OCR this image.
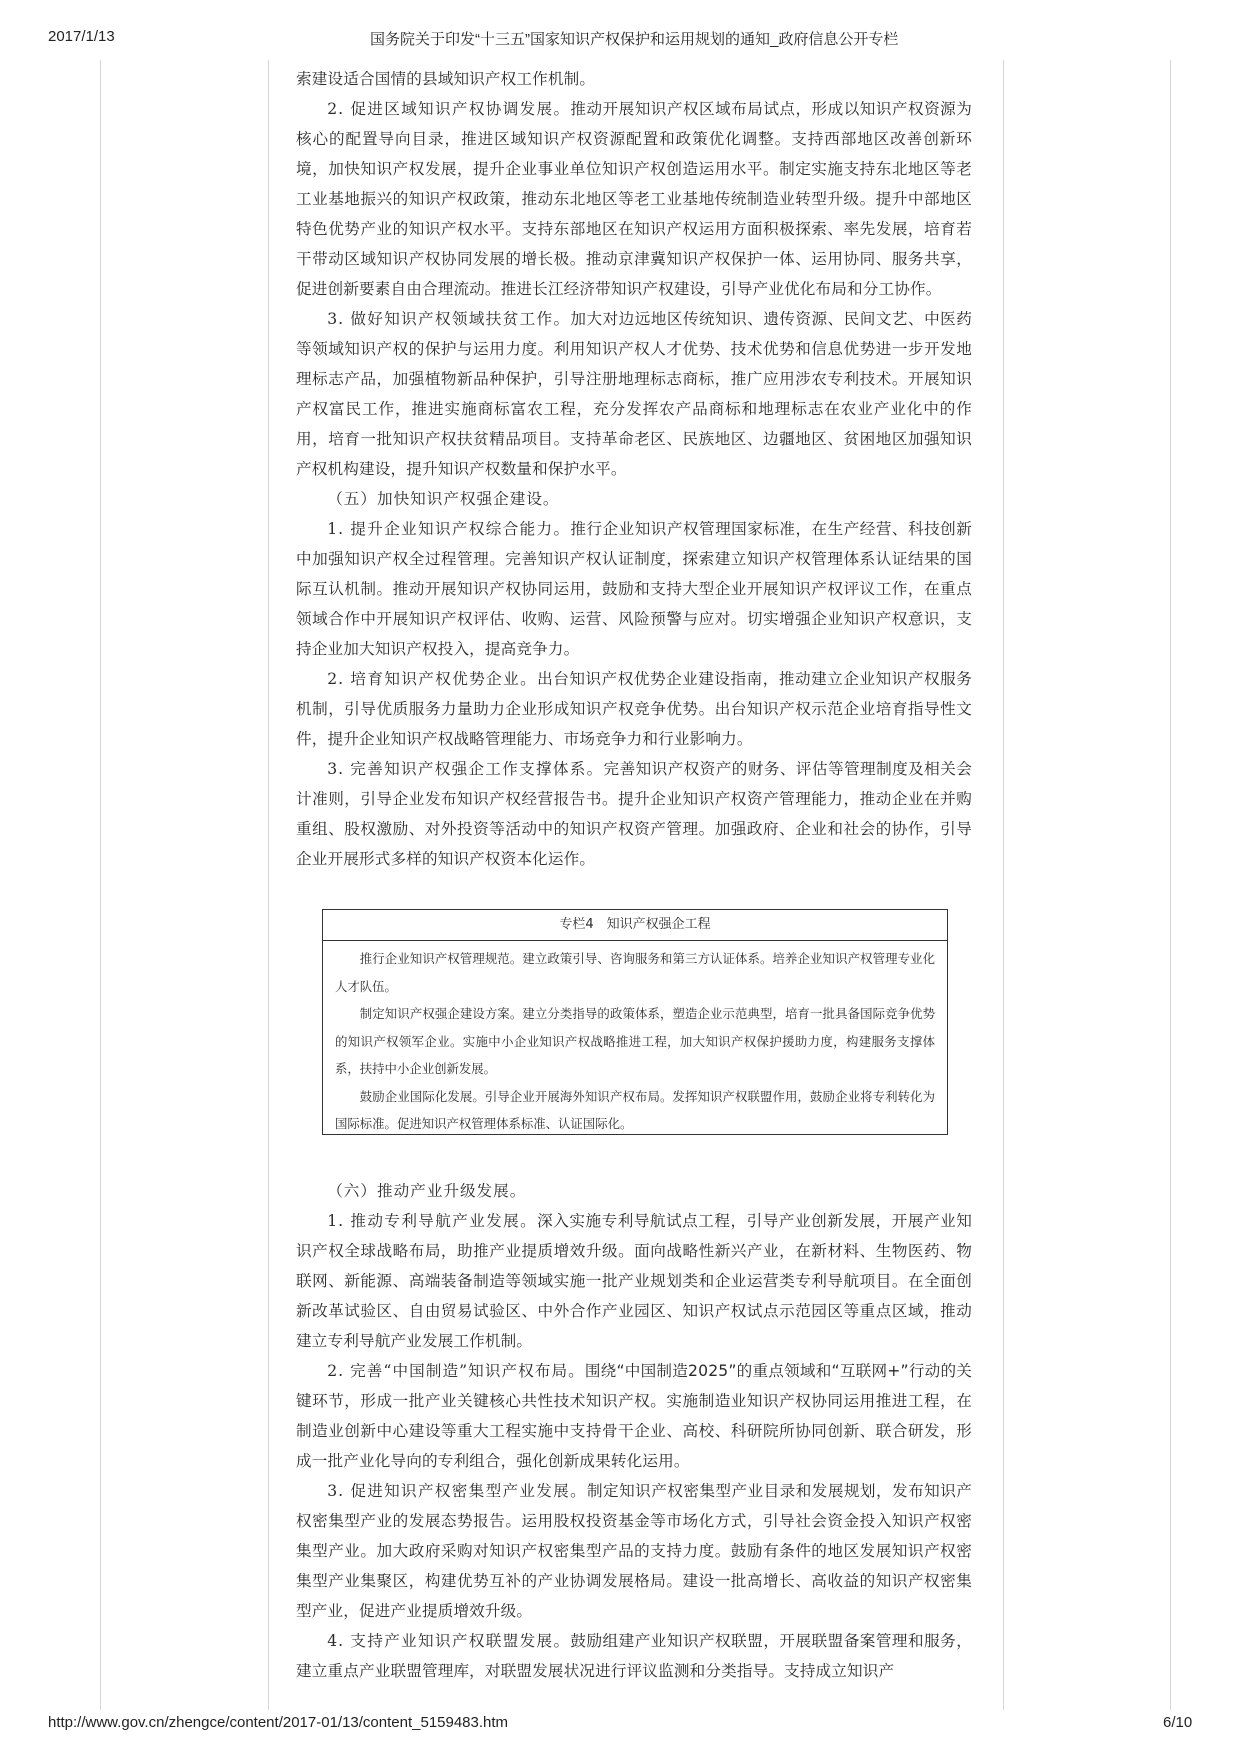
2017/1/13	国务院关于印发“十三五”国家知识产权保护和运用规划的通知_政府信息公开专栏

索建设适合国情的县域知识产权工作机制。

2. 促进区域知识产权协调发展。推动开展知识产权区域布局试点，形成以知识产权资源为核心的配置导向目录，推进区域知识产权资源配置和政策优化调整。支持西部地区改善创新环境，加快知识产权发展，提升企业事业单位知识产权创造运用水平。制定实施支持东北地区等老工业基地振兴的知识产权政策，推动东北地区等老工业基地传统制造业转型升级。提升中部地区特色优势产业的知识产权水平。支持东部地区在知识产权运用方面积极探索、率先发展，培育若干带动区域知识产权协同发展的增长极。推动京津冀知识产权保护一体、运用协同、服务共享，促进创新要素自由合理流动。推进长江经济带知识产权建设，引导产业优化布局和分工协作。

3. 做好知识产权领域扶贫工作。加大对边远地区传统知识、遗传资源、民间文艺、中医药等领域知识产权的保护与运用力度。利用知识产权人才优势、技术优势和信息优势进一步开发地理标志产品，加强植物新品种保护，引导注册地理标志商标，推广应用涉农专利技术。开展知识产权富民工作，推进实施商标富农工程，充分发挥农产品商标和地理标志在农业产业化中的作用，培育一批知识产权扶贫精品项目。支持革命老区、民族地区、边疆地区、贫困地区加强知识产权机构建设，提升知识产权数量和保护水平。

（五）加快知识产权强企建设。

1. 提升企业知识产权综合能力。推行企业知识产权管理国家标准，在生产经营、科技创新中加强知识产权全过程管理。完善知识产权认证制度，探索建立知识产权管理体系认证结果的国际互认机制。推动开展知识产权协同运用，鼓励和支持大型企业开展知识产权评议工作，在重点领域合作中开展知识产权评估、收购、运营、风险预警与应对。切实增强企业知识产权意识，支持企业加大知识产权投入，提高竞争力。

2. 培育知识产权优势企业。出台知识产权优势企业建设指南，推动建立企业知识产权服务机制，引导优质服务力量助力企业形成知识产权竞争优势。出台知识产权示范企业培育指导性文件，提升企业知识产权战略管理能力、市场竞争力和行业影响力。

3. 完善知识产权强企工作支撑体系。完善知识产权资产的财务、评估等管理制度及相关会计准则，引导企业发布知识产权经营报告书。提升企业知识产权资产管理能力，推动企业在并购重组、股权激励、对外投资等活动中的知识产权资产管理。加强政府、企业和社会的协作，引导企业开展形式多样的知识产权资本化运作。

专栏4　知识产权强企工程

推行企业知识产权管理规范。建立政策引导、咨询服务和第三方认证体系。培养企业知识产权管理专业化人才队伍。

制定知识产权强企建设方案。建立分类指导的政策体系，塑造企业示范典型，培育一批具备国际竞争优势的知识产权领军企业。实施中小企业知识产权战略推进工程，加大知识产权保护援助力度，构建服务支撑体系，扶持中小企业创新发展。

鼓励企业国际化发展。引导企业开展海外知识产权布局。发挥知识产权联盟作用，鼓励企业将专利转化为国际标准。促进知识产权管理体系标准、认证国际化。

（六）推动产业升级发展。

1. 推动专利导航产业发展。深入实施专利导航试点工程，引导产业创新发展，开展产业知识产权全球战略布局，助推产业提质增效升级。面向战略性新兴产业，在新材料、生物医药、物联网、新能源、高端装备制造等领域实施一批产业规划类和企业运营类专利导航项目。在全面创新改革试验区、自由贸易试验区、中外合作产业园区、知识产权试点示范园区等重点区域，推动建立专利导航产业发展工作机制。

2. 完善“中国制造”知识产权布局。围绕“中国制造2025”的重点领域和“互联网+”行动的关键环节，形成一批产业关键核心共性技术知识产权。实施制造业知识产权协同运用推进工程，在制造业创新中心建设等重大工程实施中支持骨干企业、高校、科研院所协同创新、联合研发，形成一批产业化导向的专利组合，强化创新成果转化运用。

3. 促进知识产权密集型产业发展。制定知识产权密集型产业目录和发展规划，发布知识产权密集型产业的发展态势报告。运用股权投资基金等市场化方式，引导社会资金投入知识产权密集型产业。加大政府采购对知识产权密集型产品的支持力度。鼓励有条件的地区发展知识产权密集型产业集聚区，构建优势互补的产业协调发展格局。建设一批高增长、高收益的知识产权密集型产业，促进产业提质增效升级。

4. 支持产业知识产权联盟发展。鼓励组建产业知识产权联盟，开展联盟备案管理和服务，建立重点产业联盟管理库，对联盟发展状况进行评议监测和分类指导。支持成立知识产

http://www.gov.cn/zhengce/content/2017-01/13/content_5159483.htm	6/10
